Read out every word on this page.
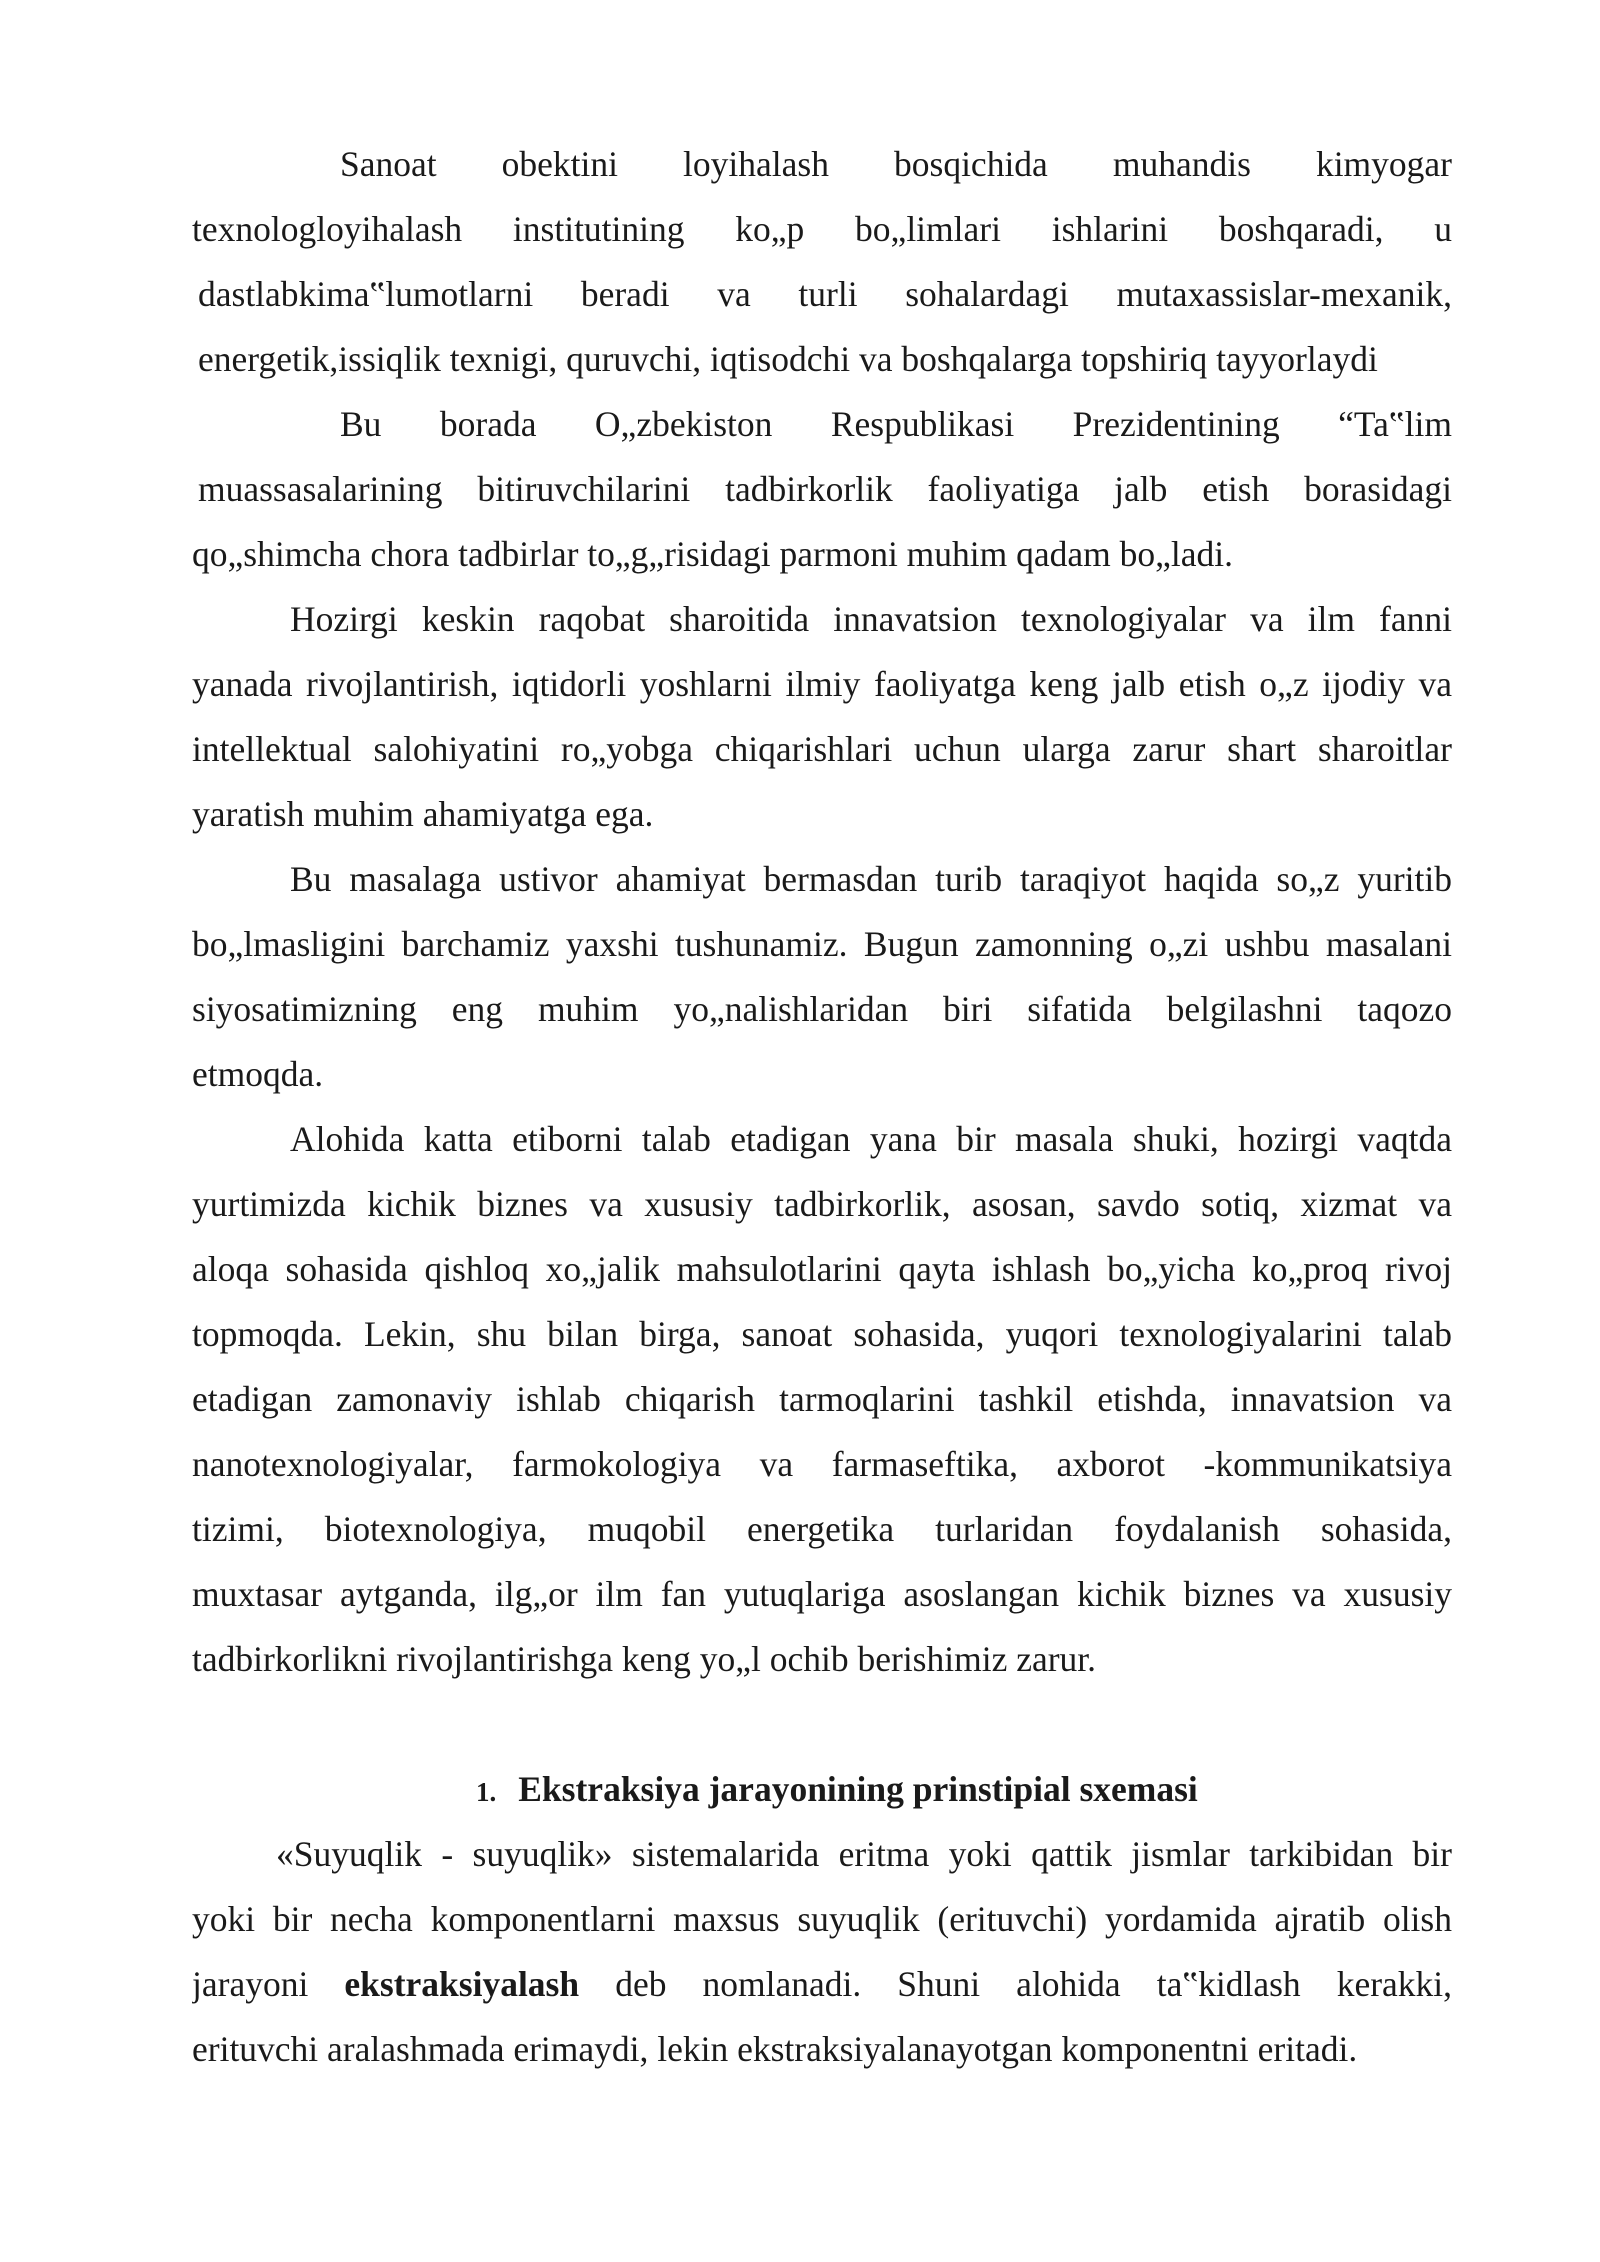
Sanoat obektini loyihalash bosqichida muhandis kimyogar
texnologloyihalash institutining ko„p bo„limlari ishlarini boshqaradi, u
dastlabkima‟lumotlarni beradi va turli sohalardagi mutaxassislar-mexanik,
energetik,issiqlik texnigi, quruvchi, iqtisodchi va boshqalarga topshiriq tayyorlaydi
Bu borada O„zbekiston Respublikasi Prezidentining “Ta‟lim
muassasalarining bitiruvchilarini tadbirkorlik faoliyatiga jalb etish borasidagi
qo„shimcha chora tadbirlar to„g„risidagi parmoni muhim qadam bo„ladi.
Hozirgi keskin raqobat sharoitida innavatsion texnologiyalar va ilm fanni
yanada rivojlantirish, iqtidorli yoshlarni ilmiy faoliyatga keng jalb etish o„z ijodiy va
intellektual salohiyatini ro„yobga chiqarishlari uchun ularga zarur shart sharoitlar
yaratish muhim ahamiyatga ega.
Bu masalaga ustivor ahamiyat bermasdan turib taraqiyot haqida so„z yuritib
bo„lmasligini barchamiz yaxshi tushunamiz. Bugun zamonning o„zi ushbu masalani
siyosatimizning eng muhim yo„nalishlaridan biri sifatida belgilashni taqozo
etmoqda.
Alohida katta etiborni talab etadigan yana bir masala shuki, hozirgi vaqtda
yurtimizda kichik biznes va xususiy tadbirkorlik, asosan, savdo sotiq, xizmat va
aloqa sohasida qishloq xo„jalik mahsulotlarini qayta ishlash bo„yicha ko„proq rivoj
topmoqda. Lekin, shu bilan birga, sanoat sohasida, yuqori texnologiyalarini talab
etadigan zamonaviy ishlab chiqarish tarmoqlarini tashkil etishda, innavatsion va
nanotexnologiyalar, farmokologiya va farmaseftika, axborot -kommunikatsiya
tizimi, biotexnologiya, muqobil energetika turlaridan foydalanish sohasida,
muxtasar aytganda, ilg„or ilm fan yutuqlariga asoslangan kichik biznes va xususiy
tadbirkorlikni rivojlantirishga keng yo„l ochib berishimiz zarur.
1. Ekstraksiya jarayonining prinstipial sxemasi
«Suyuqlik - suyuqlik» sistemalarida eritma yoki qattik jismlar tarkibidan bir
yoki bir necha komponentlarni maxsus suyuqlik (erituvchi) yordamida ajratib olish
jarayoni ekstraksiyalash deb nomlanadi. Shuni alohida ta‟kidlash kerakki,
erituvchi aralashmada erimaydi, lekin ekstraksiyalanayotgan komponentni eritadi.
